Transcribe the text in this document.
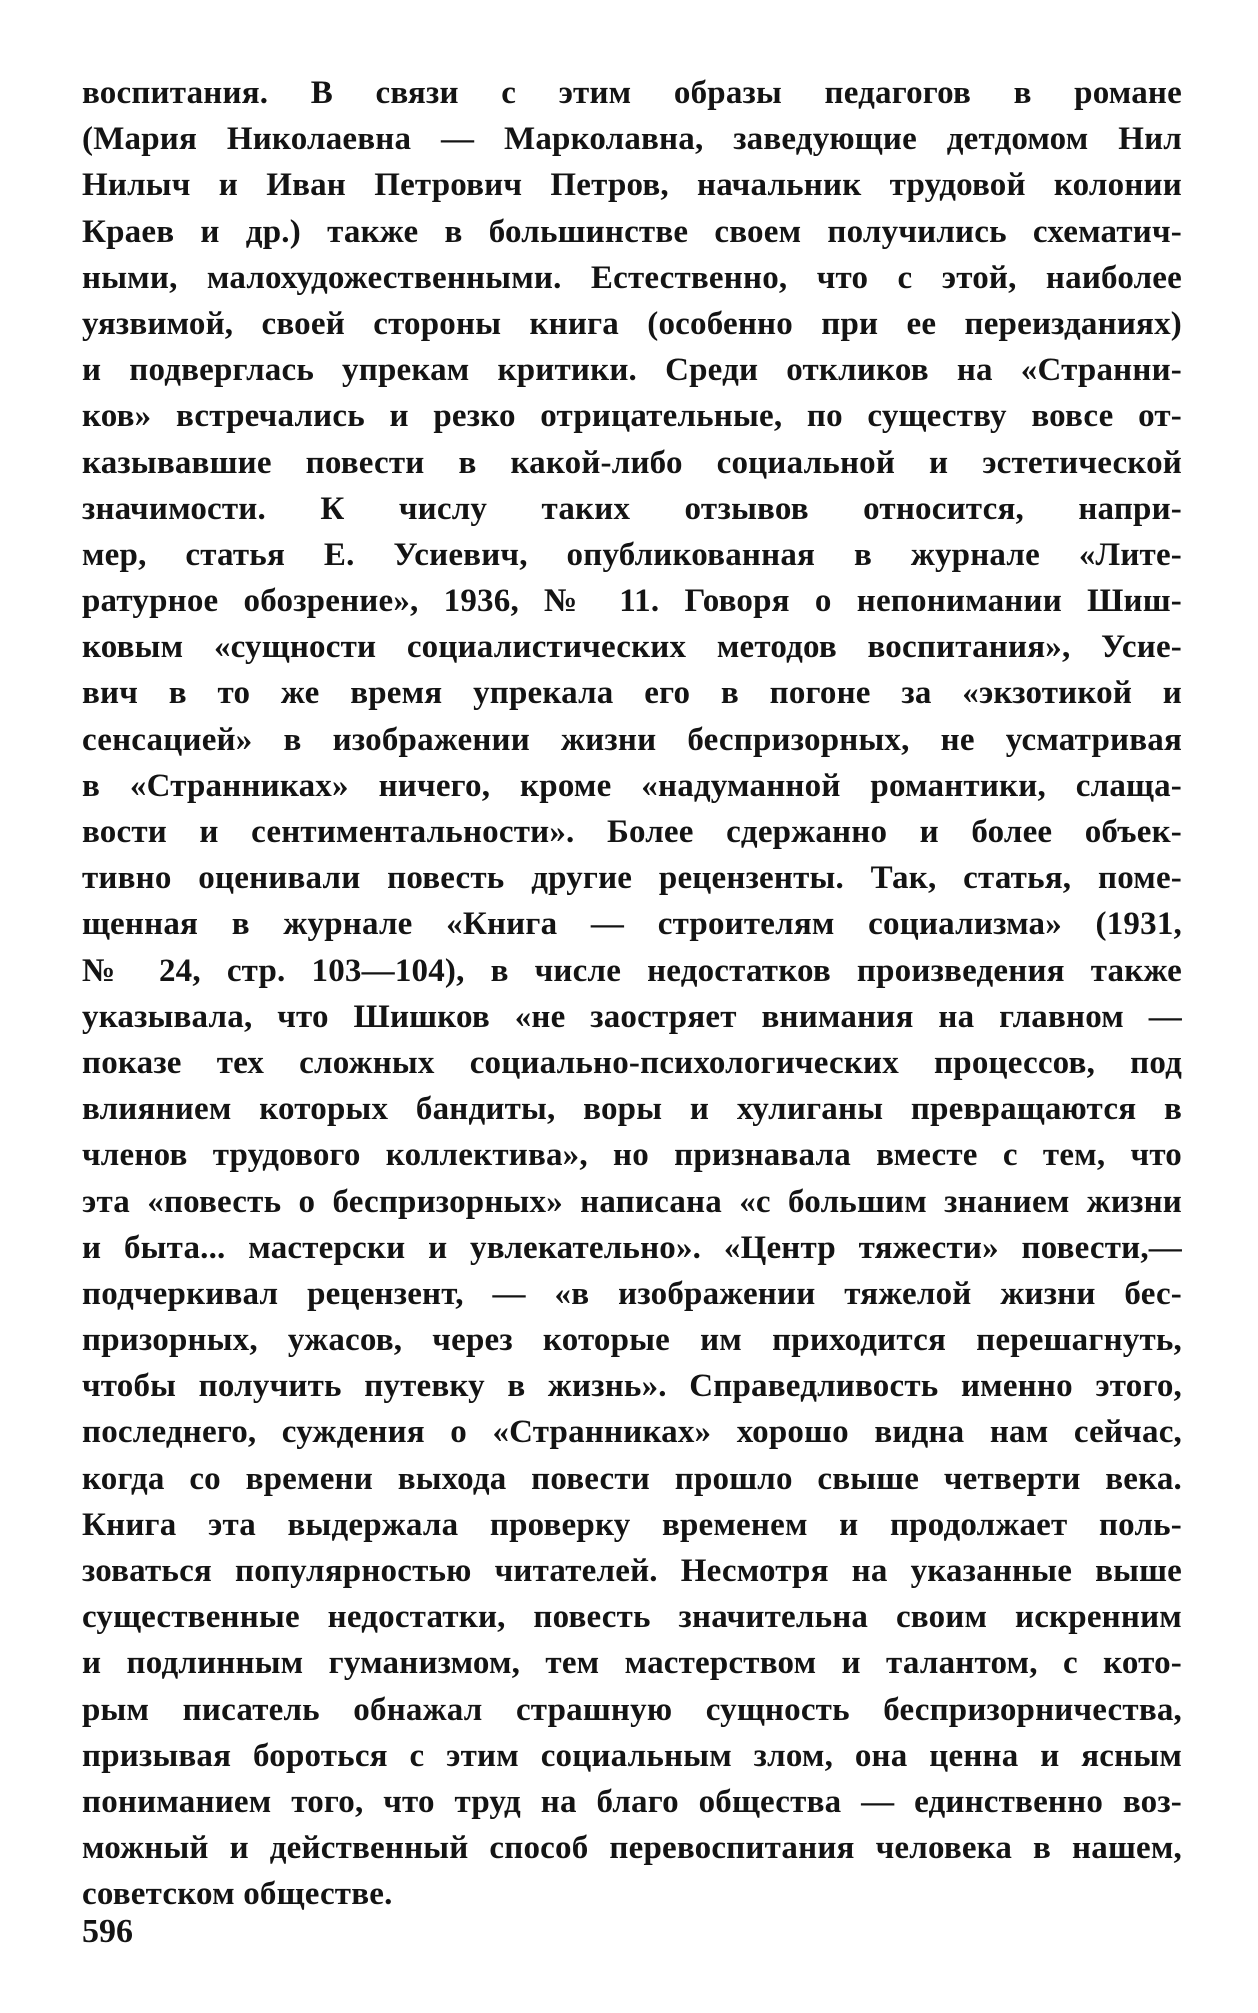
воспитания. В связи с этим образы педагогов в романе
(Мария Николаевна — Марколавна, заведующие детдомом Нил
Нилыч и Иван Петрович Петров, начальник трудовой колонии
Краев и др.) также в большинстве своем получились схематич-
ными, малохудожественными. Естественно, что с этой, наиболее
уязвимой, своей стороны книга (особенно при ее переизданиях)
и подверглась упрекам критики. Среди откликов на «Странни-
ков» встречались и резко отрицательные, по существу вовсе от-
казывавшие повести в какой-либо социальной и эстетической
значимости. К числу таких отзывов относится, напри-
мер, статья Е. Усиевич, опубликованная в журнале «Лите-
ратурное обозрение», 1936, № 11. Говоря о непонимании Шиш-
ковым «сущности социалистических методов воспитания», Усие-
вич в то же время упрекала его в погоне за «экзотикой и
сенсацией» в изображении жизни беспризорных, не усматривая
в «Странниках» ничего, кроме «надуманной романтики, слаща-
вости и сентиментальности». Более сдержанно и более объек-
тивно оценивали повесть другие рецензенты. Так, статья, поме-
щенная в журнале «Книга — строителям социализма» (1931,
№ 24, стр. 103—104), в числе недостатков произведения также
указывала, что Шишков «не заостряет внимания на главном —
показе тех сложных социально-психологических процессов, под
влиянием которых бандиты, воры и хулиганы превращаются в
членов трудового коллектива», но признавала вместе с тем, что
эта «повесть о беспризорных» написана «с большим знанием жизни
и быта... мастерски и увлекательно». «Центр тяжести» повести,—
подчеркивал рецензент, — «в изображении тяжелой жизни бес-
призорных, ужасов, через которые им приходится перешагнуть,
чтобы получить путевку в жизнь». Справедливость именно этого,
последнего, суждения о «Странниках» хорошо видна нам сейчас,
когда со времени выхода повести прошло свыше четверти века.
Книга эта выдержала проверку временем и продолжает поль-
зоваться популярностью читателей. Несмотря на указанные выше
существенные недостатки, повесть значительна своим искренним
и подлинным гуманизмом, тем мастерством и талантом, с кото-
рым писатель обнажал страшную сущность беспризорничества,
призывая бороться с этим социальным злом, она ценна и ясным
пониманием того, что труд на благо общества — единственно воз-
можный и действенный способ перевоспитания человека в нашем,
советском обществе.
596
